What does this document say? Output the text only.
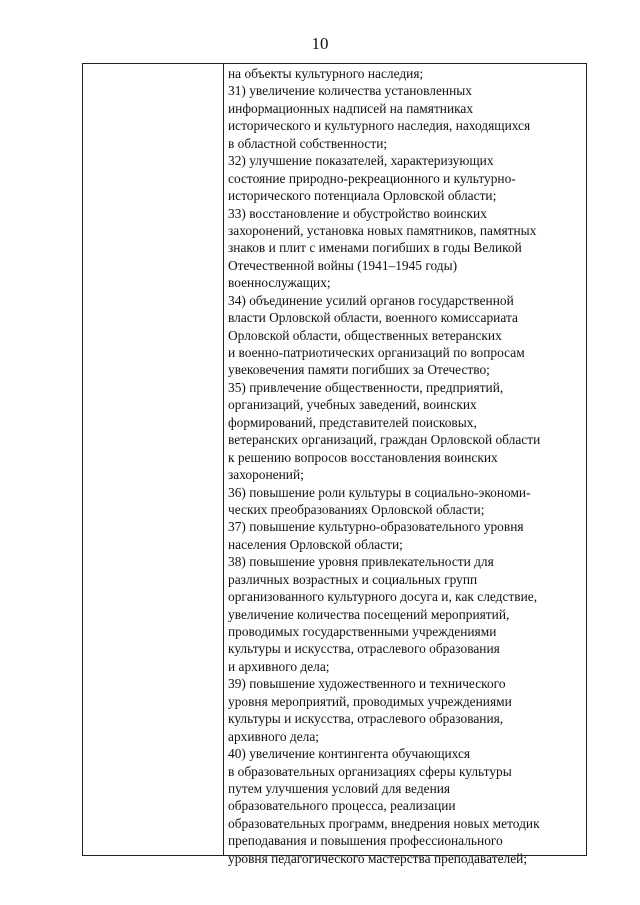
10
на объекты культурного наследия;
31) увеличение количества установленных
информационных надписей на памятниках
исторического и культурного наследия, находящихся
в областной собственности;
32) улучшение показателей, характеризующих
состояние природно-рекреационного и культурно-
исторического потенциала Орловской области;
33) восстановление и обустройство воинских
захоронений, установка новых памятников, памятных
знаков и плит с именами погибших в годы Великой
Отечественной войны (1941–1945 годы)
военнослужащих;
34) объединение усилий органов государственной
власти Орловской области, военного комиссариата
Орловской области, общественных ветеранских
и военно-патриотических организаций по вопросам
увековечения памяти погибших за Отечество;
35) привлечение общественности, предприятий,
организаций, учебных заведений, воинских
формирований, представителей поисковых,
ветеранских организаций, граждан Орловской области
к решению вопросов восстановления воинских
захоронений;
36) повышение роли культуры в социально-экономи-
ческих преобразованиях Орловской области;
37) повышение культурно-образовательного уровня
населения Орловской области;
38) повышение уровня привлекательности для
различных возрастных и социальных групп
организованного культурного досуга и, как следствие,
увеличение количества посещений мероприятий,
проводимых государственными учреждениями
культуры и искусства, отраслевого образования
и архивного дела;
39) повышение художественного и технического
уровня мероприятий, проводимых учреждениями
культуры и искусства, отраслевого образования,
архивного дела;
40) увеличение контингента обучающихся
в образовательных организациях сферы культуры
путем улучшения условий для ведения
образовательного процесса, реализации
образовательных программ, внедрения новых методик
преподавания и повышения профессионального
уровня педагогического мастерства преподавателей;
